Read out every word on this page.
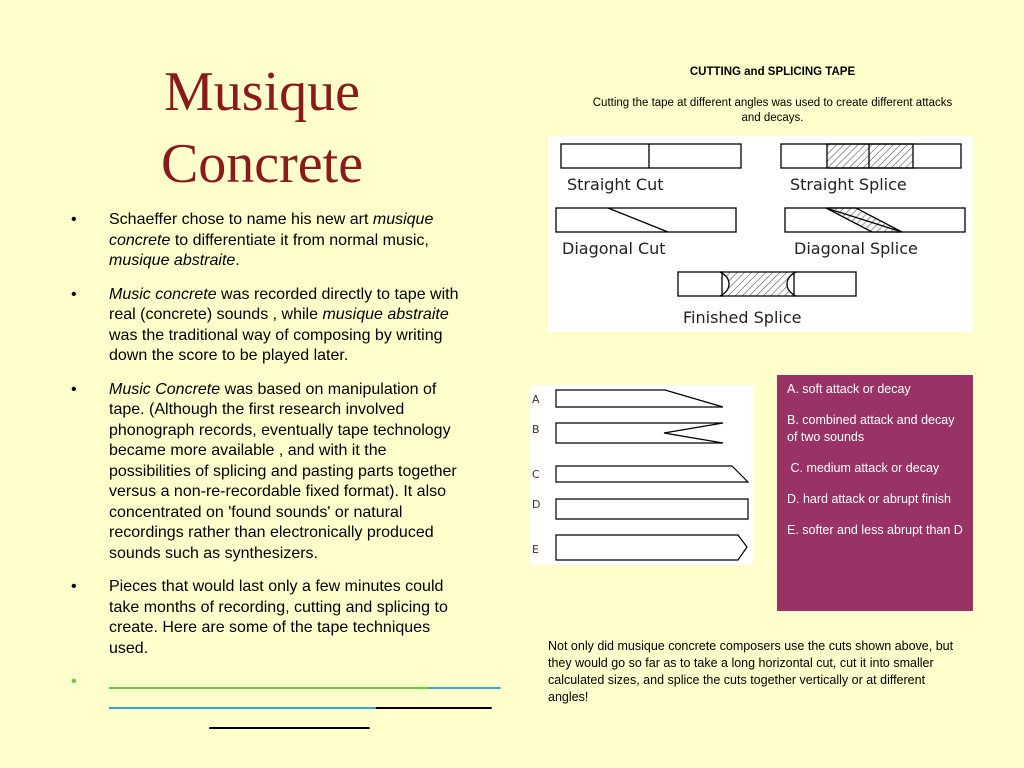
Musique
Concrete
• Schaeffer chose to name his new art musique concrete to differentiate it from normal music, musique abstraite.
• Music concrete was recorded directly to tape with real (concrete) sounds , while musique abstraite was the traditional way of composing by writing down the score to be played later.
• Music Concrete was based on manipulation of tape. (Although the first research involved phonograph records, eventually tape technology became more available , and with it the possibilities of splicing and pasting parts together versus a non-re-recordable fixed format). It also concentrated on 'found sounds' or natural recordings rather than electronically produced sounds such as synthesizers.
• Pieces that would last only a few minutes could take months of recording, cutting and splicing to create. Here are some of the tape techniques used.
• ____________________________________________
___________________________________________
__________________
CUTTING and SPLICING TAPE
Cutting the tape at different angles was used to create different attacks and decays.
Straight Cut	Straight Splice
Diagonal Cut	Diagonal Splice
Finished Splice
A
B
C
D
E

A. soft attack or decay

B. combined attack and decay of two sounds

C. medium attack or decay

D. hard attack or abrupt finish

E. softer and less abrupt than D

Not only did musique concrete composers use the cuts shown above, but they would go so far as to take a long horizontal cut, cut it into smaller calculated sizes, and splice the cuts together vertically or at different angles!
